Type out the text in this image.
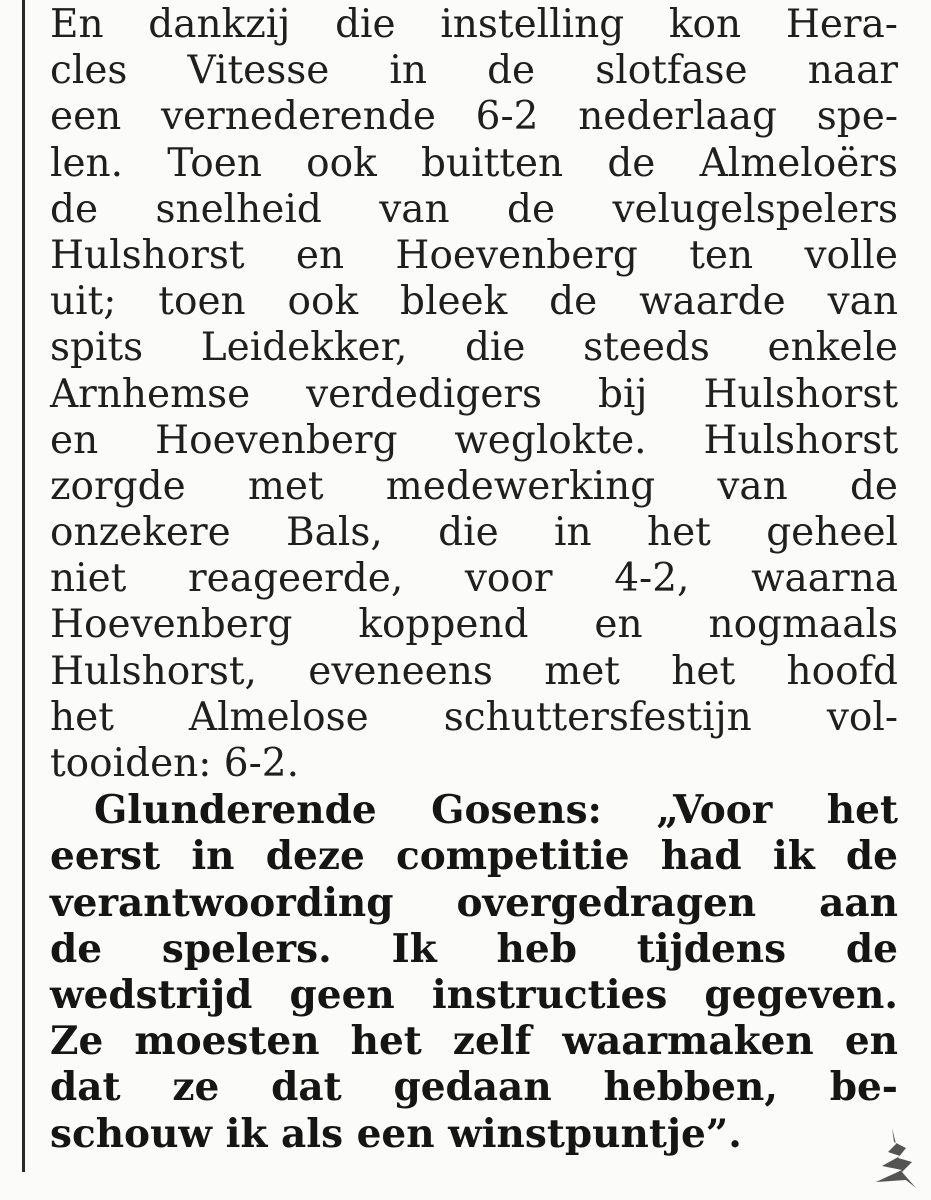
En dankzij die instelling kon Hera-
cles Vitesse in de slotfase naar
een vernederende 6-2 nederlaag spe-
len. Toen ook buitten de Almeloërs
de snelheid van de velugelspelers
Hulshorst en Hoevenberg ten volle
uit; toen ook bleek de waarde van
spits Leidekker, die steeds enkele
Arnhemse verdedigers bij Hulshorst
en Hoevenberg weglokte. Hulshorst
zorgde met medewerking van de
onzekere Bals, die in het geheel
niet reageerde, voor 4-2, waarna
Hoevenberg koppend en nogmaals
Hulshorst, eveneens met het hoofd
het Almelose schuttersfestijn vol-
tooiden: 6-2.
Glunderende Gosens: „Voor het
eerst in deze competitie had ik de
verantwoording overgedragen aan
de spelers. Ik heb tijdens de
wedstrijd geen instructies gegeven.
Ze moesten het zelf waarmaken en
dat ze dat gedaan hebben, be-
schouw ik als een winstpuntje”.
